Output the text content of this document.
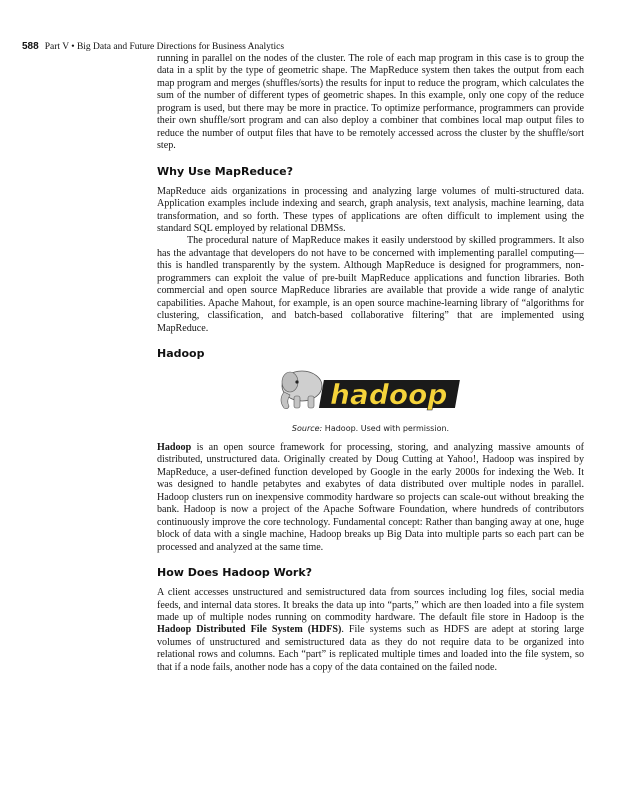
588 Part V • Big Data and Future Directions for Business Analytics

running in parallel on the nodes of the cluster. The role of each map program in this case is to group the data in a split by the type of geometric shape. The MapReduce system then takes the output from each map program and merges (shuffles/sorts) the results for input to reduce the program, which calculates the sum of the number of different types of geometric shapes. In this example, only one copy of the reduce program is used, but there may be more in practice. To optimize performance, programmers can provide their own shuffle/sort program and can also deploy a combiner that combines local map output files to reduce the number of output files that have to be remotely accessed across the cluster by the shuffle/sort step.

Why Use MapReduce?

MapReduce aids organizations in processing and analyzing large volumes of multi-structured data. Application examples include indexing and search, graph analysis, text analysis, machine learning, data transformation, and so forth. These types of applications are often difficult to implement using the standard SQL employed by relational DBMSs.

The procedural nature of MapReduce makes it easily understood by skilled programmers. It also has the advantage that developers do not have to be concerned with implementing parallel computing—this is handled transparently by the system. Although MapReduce is designed for programmers, non-programmers can exploit the value of pre-built MapReduce applications and function libraries. Both commercial and open source MapReduce libraries are available that provide a wide range of analytic capabilities. Apache Mahout, for example, is an open source machine-learning library of “algorithms for clustering, classification, and batch-based collaborative filtering” that are implemented using MapReduce.

Hadoop
hadoop
Source: Hadoop. Used with permission.

Hadoop is an open source framework for processing, storing, and analyzing massive amounts of distributed, unstructured data. Originally created by Doug Cutting at Yahoo!, Hadoop was inspired by MapReduce, a user-defined function developed by Google in the early 2000s for indexing the Web. It was designed to handle petabytes and exabytes of data distributed over multiple nodes in parallel. Hadoop clusters run on inexpensive commodity hardware so projects can scale-out without breaking the bank. Hadoop is now a project of the Apache Software Foundation, where hundreds of contributors continuously improve the core technology. Fundamental concept: Rather than banging away at one, huge block of data with a single machine, Hadoop breaks up Big Data into multiple parts so each part can be processed and analyzed at the same time.

How Does Hadoop Work?

A client accesses unstructured and semistructured data from sources including log files, social media feeds, and internal data stores. It breaks the data up into “parts,” which are then loaded into a file system made up of multiple nodes running on commodity hardware. The default file store in Hadoop is the Hadoop Distributed File System (HDFS). File systems such as HDFS are adept at storing large volumes of unstructured and semistructured data as they do not require data to be organized into relational rows and columns. Each “part” is replicated multiple times and loaded into the file system, so that if a node fails, another node has a copy of the data contained on the failed node.
